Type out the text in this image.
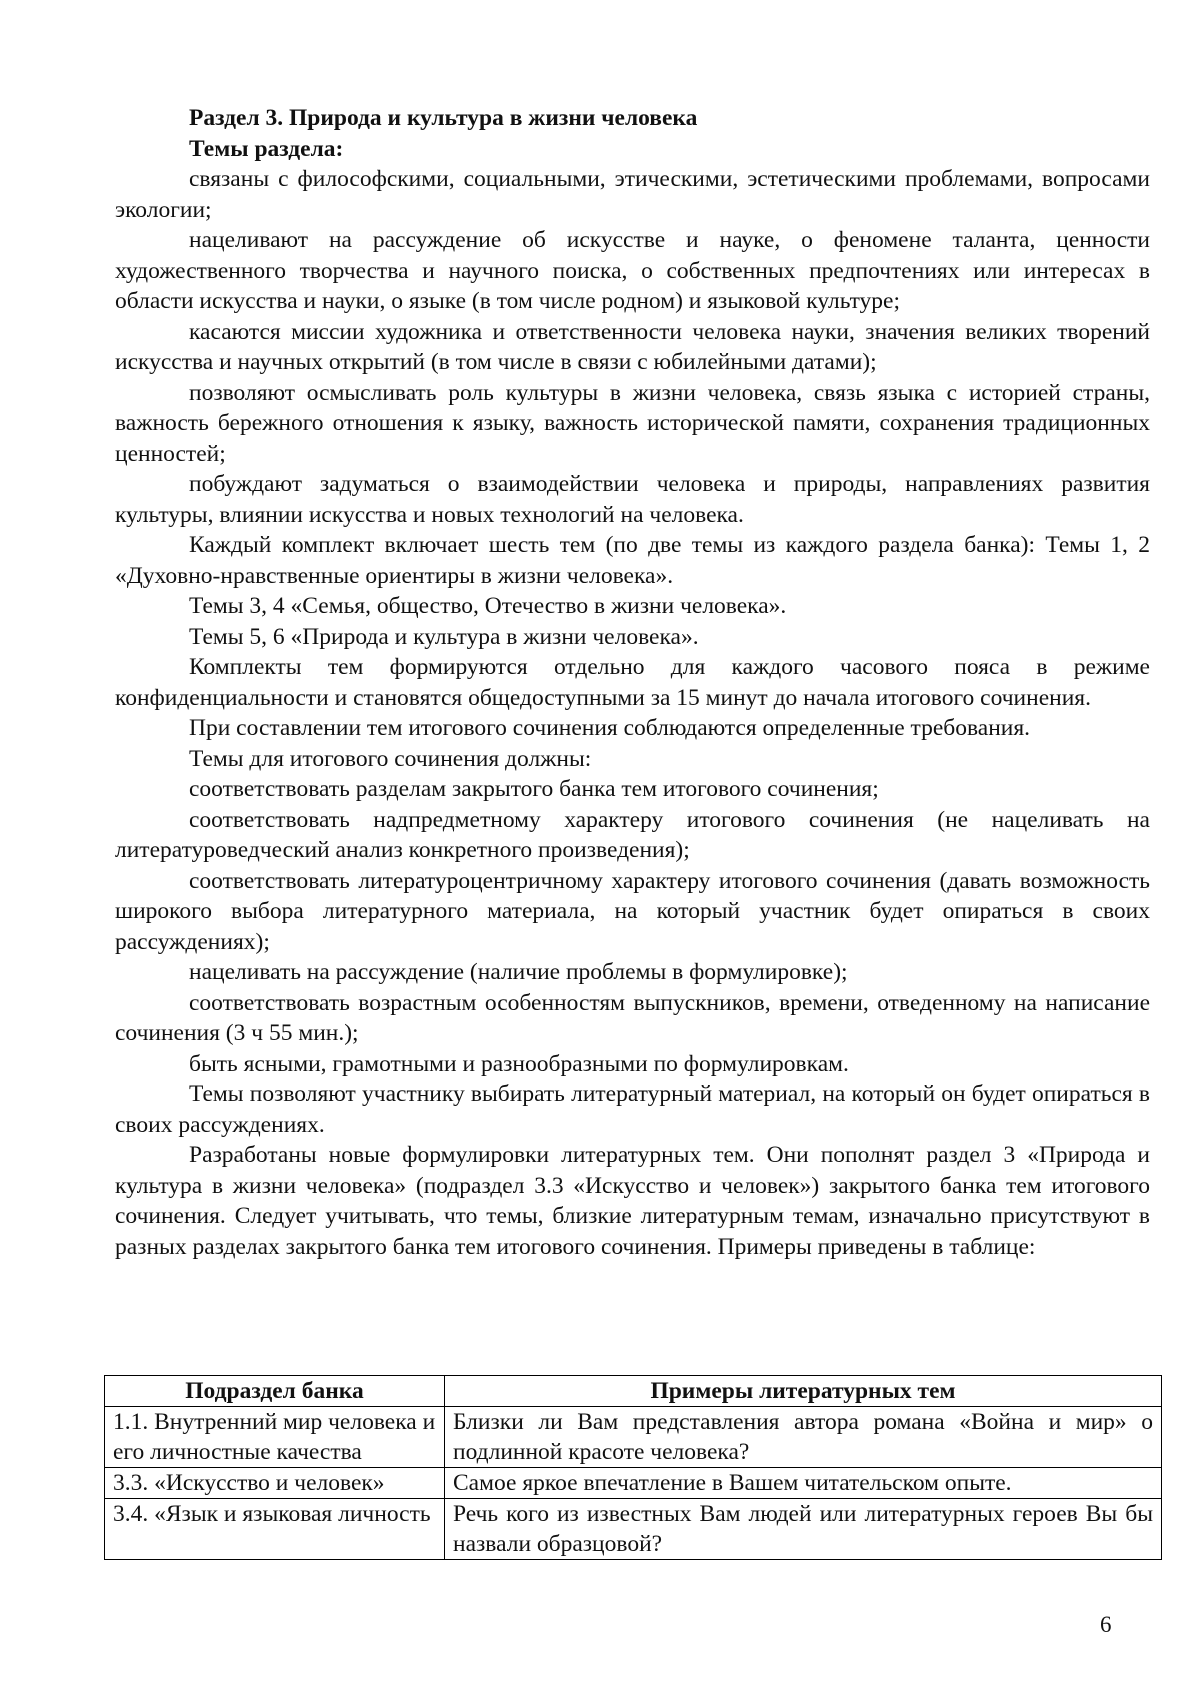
Раздел 3. Природа и культура в жизни человека

Темы раздела:

связаны с философскими, социальными, этическими, эстетическими проблемами, вопросами экологии;

нацеливают на рассуждение об искусстве и науке, о феномене таланта, ценности художественного творчества и научного поиска, о собственных предпочтениях или интересах в области искусства и науки, о языке (в том числе родном) и языковой культуре;

касаются миссии художника и ответственности человека науки, значения великих творений искусства и научных открытий (в том числе в связи с юбилейными датами);

позволяют осмысливать роль культуры в жизни человека, связь языка с историей страны, важность бережного отношения к языку, важность исторической памяти, сохранения традиционных ценностей;

побуждают задуматься о взаимодействии человека и природы, направлениях развития культуры, влиянии искусства и новых технологий на человека.

Каждый комплект включает шесть тем (по две темы из каждого раздела банка): Темы 1, 2 «Духовно-нравственные ориентиры в жизни человека».

Темы 3, 4 «Семья, общество, Отечество в жизни человека».

Темы 5, 6 «Природа и культура в жизни человека».

Комплекты тем формируются отдельно для каждого часового пояса в режиме конфиденциальности и становятся общедоступными за 15 минут до начала итогового сочинения.

При составлении тем итогового сочинения соблюдаются определенные требования.

Темы для итогового сочинения должны:

соответствовать разделам закрытого банка тем итогового сочинения;

соответствовать надпредметному характеру итогового сочинения (не нацеливать на литературоведческий анализ конкретного произведения);

соответствовать литературоцентричному характеру итогового сочинения (давать возможность широкого выбора литературного материала, на который участник будет опираться в своих рассуждениях);

нацеливать на рассуждение (наличие проблемы в формулировке);

соответствовать возрастным особенностям выпускников, времени, отведенному на написание сочинения (3 ч 55 мин.);

быть ясными, грамотными и разнообразными по формулировкам.

Темы позволяют участнику выбирать литературный материал, на который он будет опираться в своих рассуждениях.

Разработаны новые формулировки литературных тем. Они пополнят раздел 3 «Природа и культура в жизни человека» (подраздел 3.3 «Искусство и человек») закрытого банка тем итогового сочинения. Следует учитывать, что темы, близкие литературным темам, изначально присутствуют в разных разделах закрытого банка тем итогового сочинения. Примеры приведены в таблице:

Подраздел банка	Примеры литературных тем
1.1. Внутренний мир человека и его личностные качества	Близки ли Вам представления автора романа «Война и мир» о подлинной красоте человека?
3.3. «Искусство и человек»	Самое яркое впечатление в Вашем читательском опыте.
3.4. «Язык и языковая личность	Речь кого из известных Вам людей или литературных героев Вы бы назвали образцовой?
6
